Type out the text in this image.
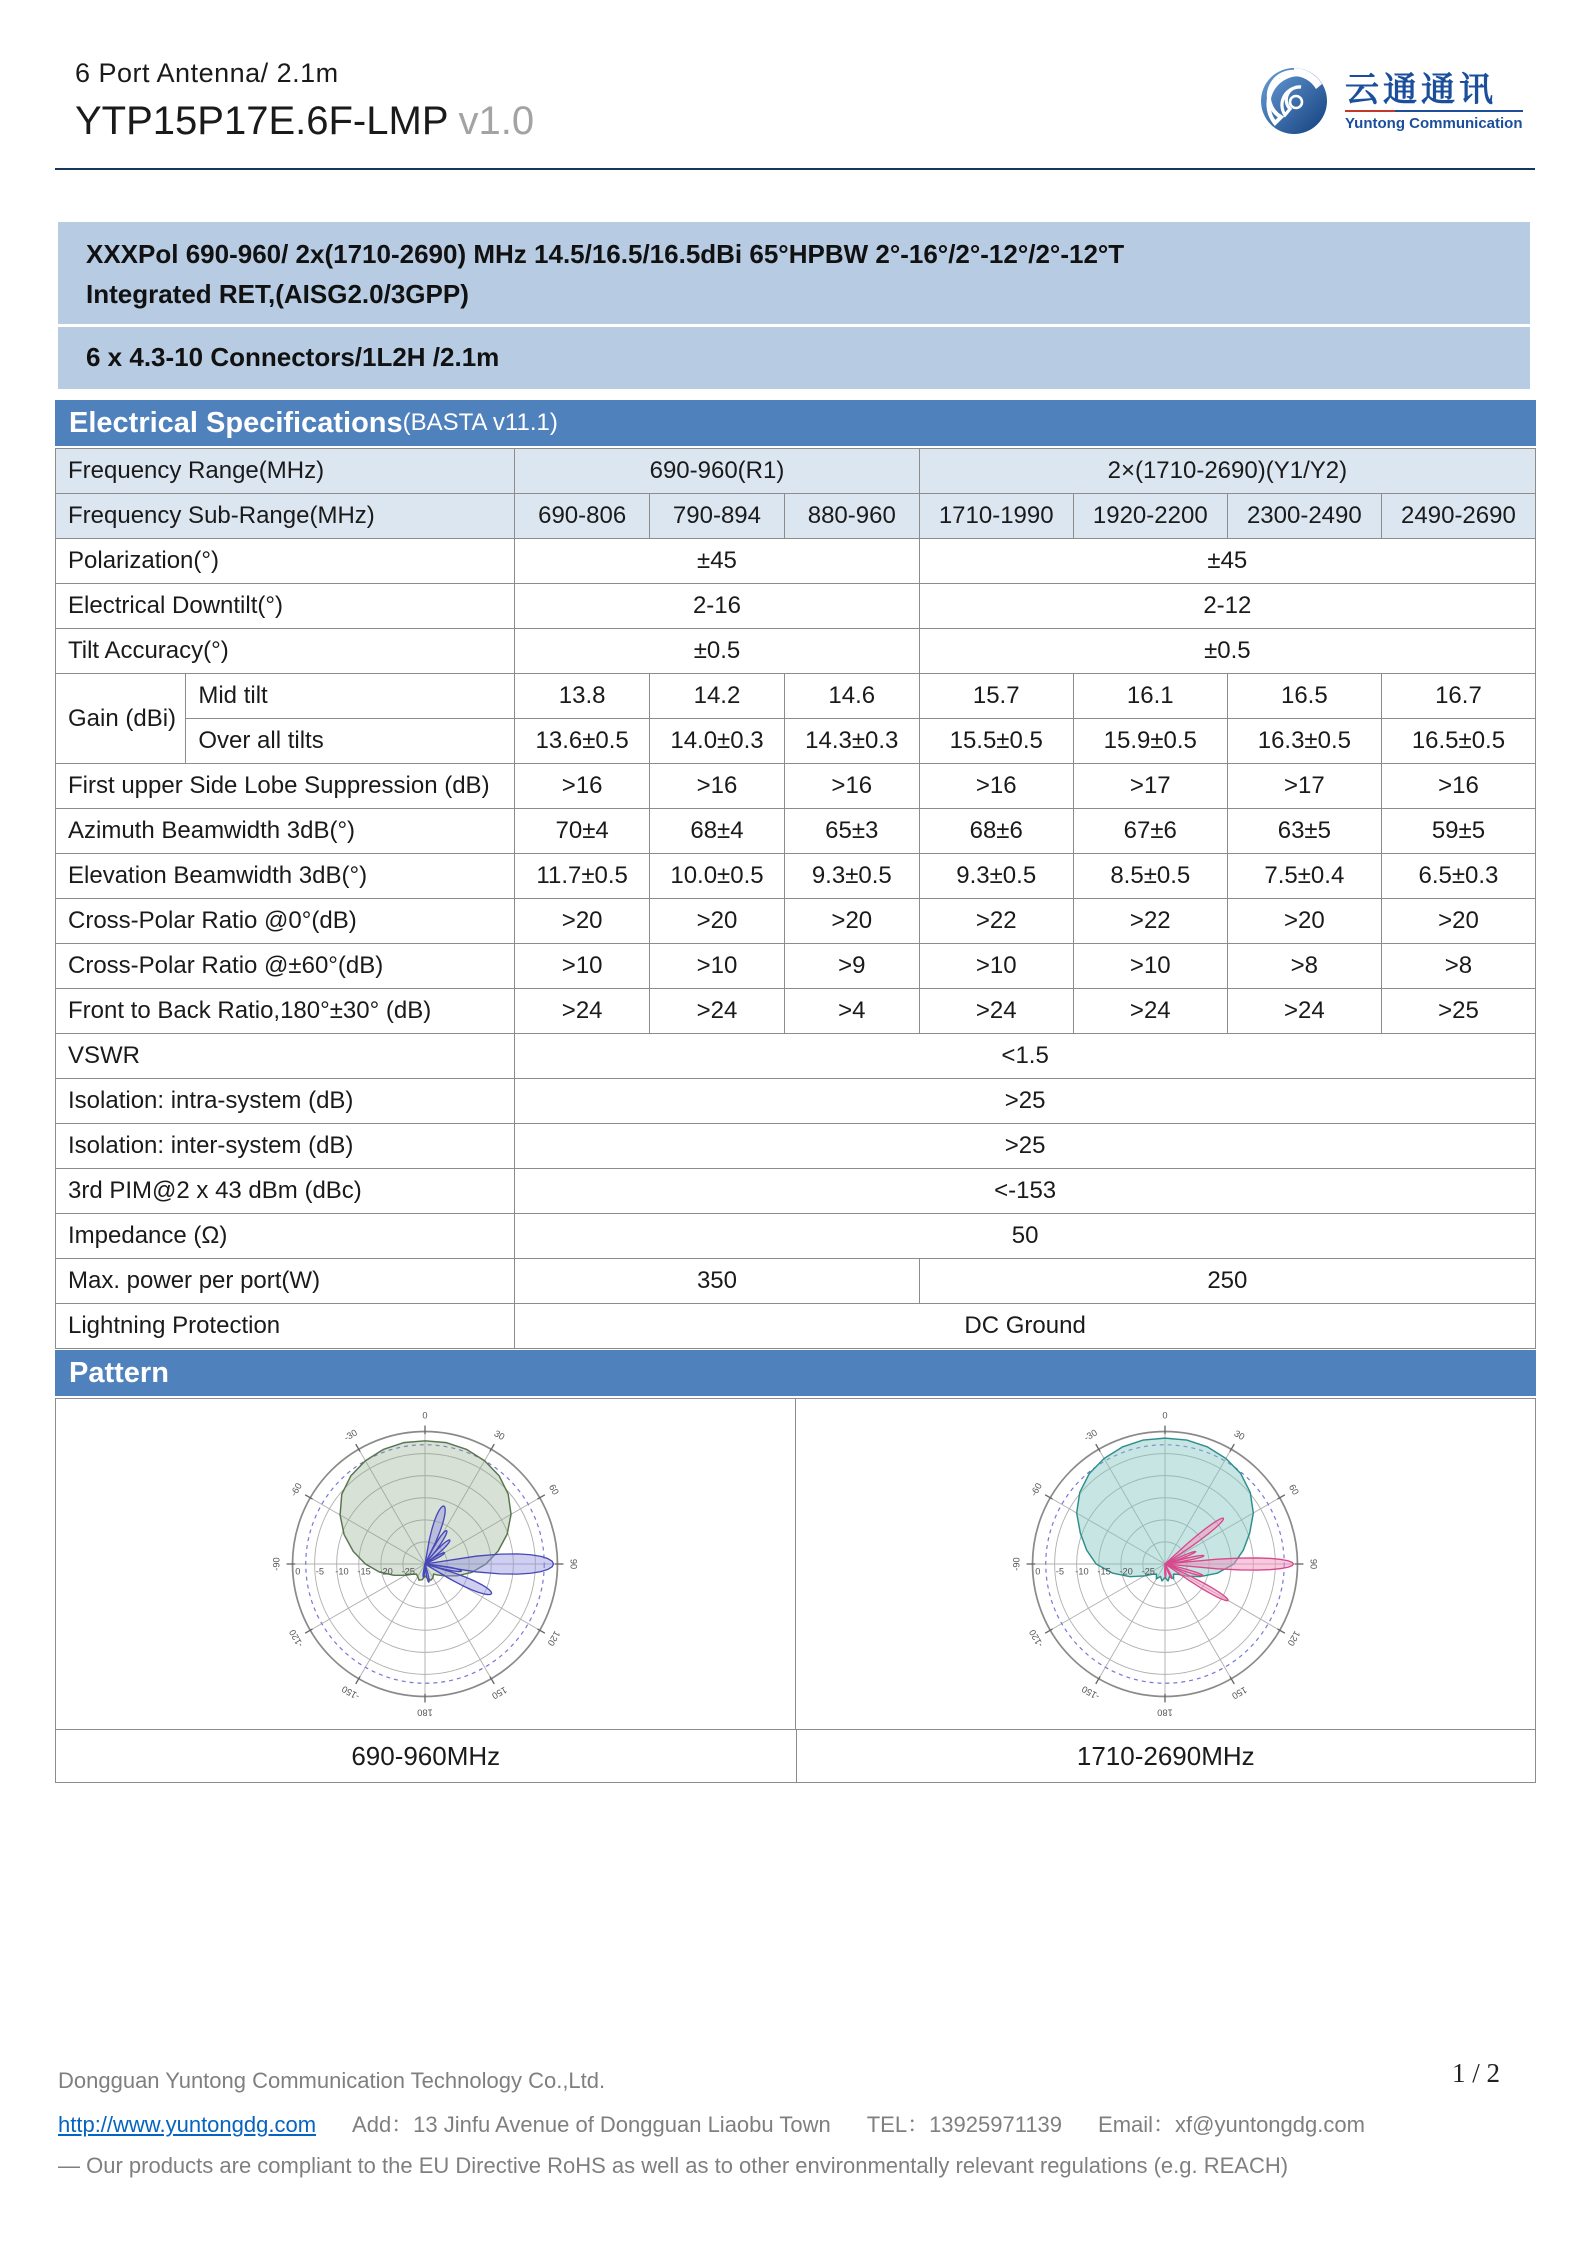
6 Port Antenna/ 2.1m
YTP15P17E.6F-LMP v1.0
云通通讯
Yuntong Communication
XXXPol 690-960/ 2x(1710-2690) MHz 14.5/16.5/16.5dBi 65°HPBW 2°-16°/2°-12°/2°-12°T
Integrated RET,(AISG2.0/3GPP)
6 x 4.3-10 Connectors/1L2H /2.1m
Electrical Specifications (BASTA v11.1)
Frequency Range(MHz)		690-960(R1)			2×(1710-2690)(Y1/Y2)			
Frequency Sub-Range(MHz)		690-806	790-894	880-960	1710-1990	1920-2200	2300-2490	2490-2690
Polarization(°)		±45			±45			
Electrical Downtilt(°)		2-16			2-12			
Tilt Accuracy(°)		±0.5			±0.5			
Gain (dBi)	Mid tilt	13.8	14.2	14.6	15.7	16.1	16.5	16.7
	Over all tilts	13.6±0.5	14.0±0.3	14.3±0.3	15.5±0.5	15.9±0.5	16.3±0.5	16.5±0.5
First upper Side Lobe Suppression (dB)		>16	>16	>16	>16	>17	>17	>16
Azimuth Beamwidth 3dB(°)		70±4	68±4	65±3	68±6	67±6	63±5	59±5
Elevation Beamwidth 3dB(°)		11.7±0.5	10.0±0.5	9.3±0.5	9.3±0.5	8.5±0.5	7.5±0.4	6.5±0.3
Cross-Polar Ratio @0°(dB)		>20	>20	>20	>22	>22	>20	>20
Cross-Polar Ratio @±60°(dB)		>10	>10	>9	>10	>10	>8	>8
Front to Back Ratio,180°±30° (dB)		>24	>24	>4	>24	>24	>24	>25
VSWR		<1.5						
Isolation: intra-system (dB)		>25						
Isolation: inter-system (dB)		>25						
3rd PIM@2 x 43 dBm (dBc)		<-153						
Impedance (Ω)		50						
Max. power per port(W)		350			250			
Lightning Protection		DC Ground						
Pattern
0 -5 -10 -15 -20 -25
0
30
60
90
120
150
180
-150
-120
-90
-60
-30
0 -5 -10 -15 -20 -25
0
30
60
90
120
150
180
-150
-120
-90
-60
-30
690-960MHz	1710-2690MHz
Dongguan Yuntong Communication Technology Co.,Ltd.
http://www.yuntongdg.com Add：13 Jinfu Avenue of Dongguan Liaobu Town TEL：13925971139 Email：xf@yuntongdg.com
— Our products are compliant to the EU Directive RoHS as well as to other environmentally relevant regulations (e.g. REACH)
1 / 2
